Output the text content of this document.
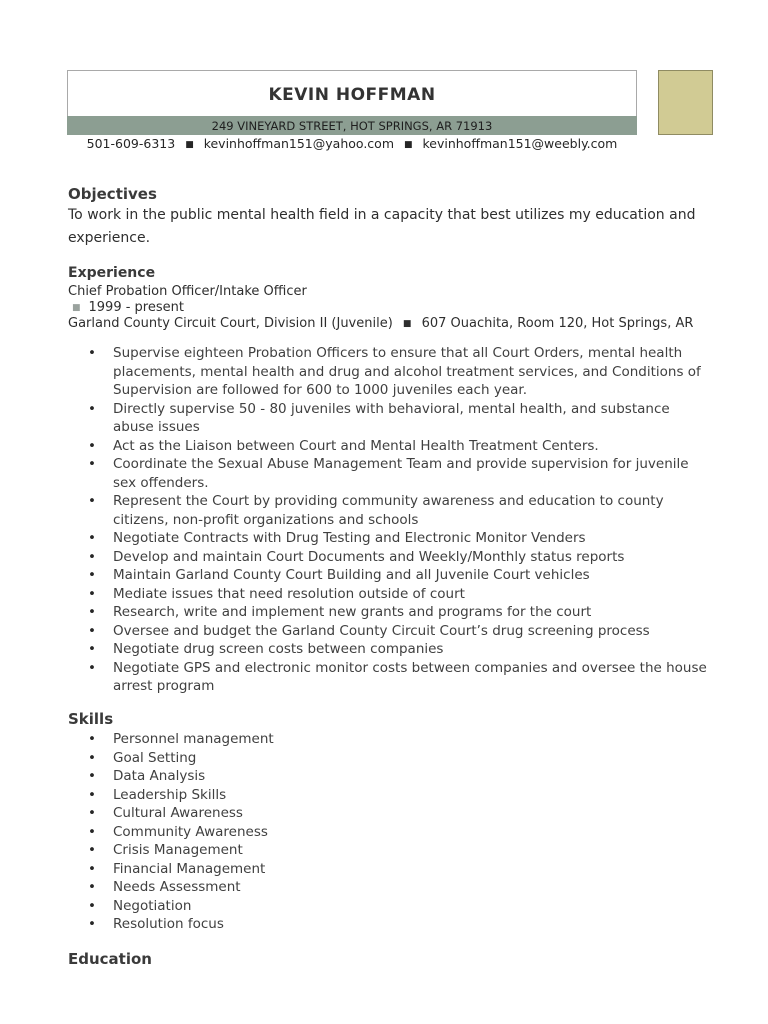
KEVIN HOFFMAN
249 VINEYARD STREET, HOT SPRINGS, AR 71913
501-609-6313 ■ kevinhoffman151@yahoo.com ■ kevinhoffman151@weebly.com
Objectives
To work in the public mental health field in a capacity that best utilizes my education and experience.
Experience
Chief Probation Officer/Intake Officer
■ 1999 - present
Garland County Circuit Court, Division II (Juvenile) ■ 607 Ouachita, Room 120, Hot Springs, AR
• Supervise eighteen Probation Officers to ensure that all Court Orders, mental health placements, mental health and drug and alcohol treatment services, and Conditions of Supervision are followed for 600 to 1000 juveniles each year.
• Directly supervise 50 - 80 juveniles with behavioral, mental health, and substance abuse issues
• Act as the Liaison between Court and Mental Health Treatment Centers.
• Coordinate the Sexual Abuse Management Team and provide supervision for juvenile sex offenders.
• Represent the Court by providing community awareness and education to county citizens, non-profit organizations and schools
• Negotiate Contracts with Drug Testing and Electronic Monitor Venders
• Develop and maintain Court Documents and Weekly/Monthly status reports
• Maintain Garland County Court Building and all Juvenile Court vehicles
• Mediate issues that need resolution outside of court
• Research, write and implement new grants and programs for the court
• Oversee and budget the Garland County Circuit Court’s drug screening process
• Negotiate drug screen costs between companies
• Negotiate GPS and electronic monitor costs between companies and oversee the house arrest program
Skills
• Personnel management
• Goal Setting
• Data Analysis
• Leadership Skills
• Cultural Awareness
• Community Awareness
• Crisis Management
• Financial Management
• Needs Assessment
• Negotiation
• Resolution focus
Education
